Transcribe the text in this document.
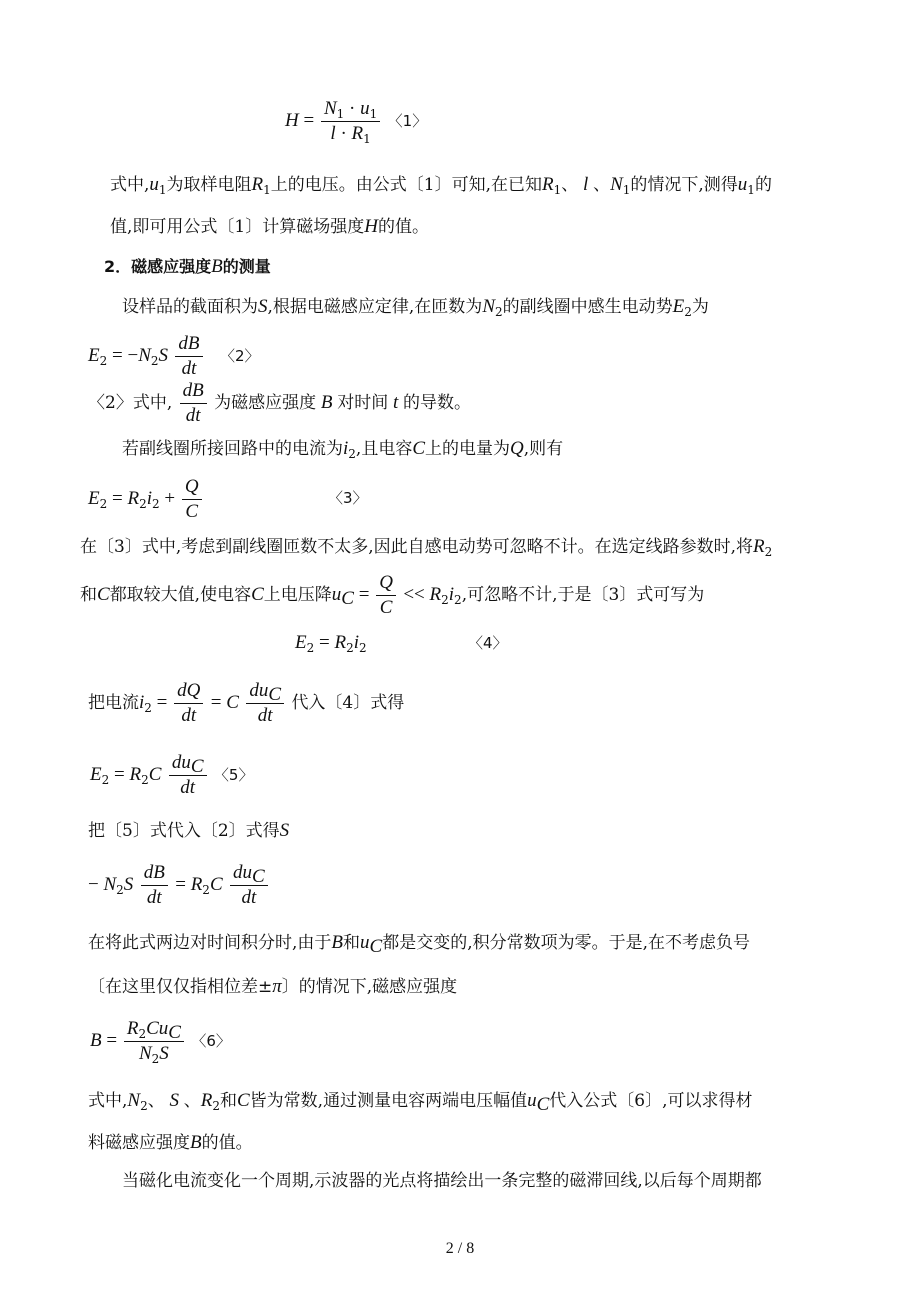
$H = \frac{N_1 \cdot u_1}{l \cdot R_1}$ 〈1〉
式中$,u_1$为取样电阻$R_1$上的电压。由公式〔1〕可知,在已知$R_1$、 l 、$N_1$的情况下,测得$u_1$的
值,即可用公式〔1〕计算磁场强度H的值。
2．磁感应强度B的测量
设样品的截面积为S,根据电磁感应定律,在匝数为$N_2$的副线圈中感生电动势$E_2$为
$E_2 = -N_2S \frac{dB}{dt}$ 〈2〉
〈2〉式中, $\frac{dB}{dt}$ 为磁感应强度 B 对时间 t 的导数。
若副线圈所接回路中的电流为$i_2$,且电容C上的电量为Q,则有
$E_2 = R_2i_2 + \frac{Q}{C}$	〈3〉
在〔3〕式中,考虑到副线圈匝数不太多,因此自感电动势可忽略不计。在选定线路参数时,将$R_2$
和C都取较大值,使电容C上电压降$u_C = \frac{Q}{C} << R_2i_2$,可忽略不计,于是〔3〕式可写为
$E_2 = R_2i_2$	〈4〉
把电流$i_2 = \frac{dQ}{dt} = C \frac{du_C}{dt}$ 代入〔4〕式得
$E_2 = R_2C \frac{du_C}{dt}$ 〈5〉
把〔5〕式代入〔2〕式得S
− $N_2S \frac{dB}{dt} = R_2C \frac{du_C}{dt}$
在将此式两边对时间积分时,由于B和$u_C$都是交变的,积分常数项为零。于是,在不考虑负号
〔在这里仅仅指相位差±π〕的情况下,磁感应强度
$B = \frac{R_2Cu_C}{N_2S}$ 〈6〉
式中$,N_2$、 S 、$R_2$和C皆为常数,通过测量电容两端电压幅值$u_C$代入公式〔6〕,可以求得材
料磁感应强度B的值。
当磁化电流变化一个周期,示波器的光点将描绘出一条完整的磁滞回线,以后每个周期都
2 / 8
